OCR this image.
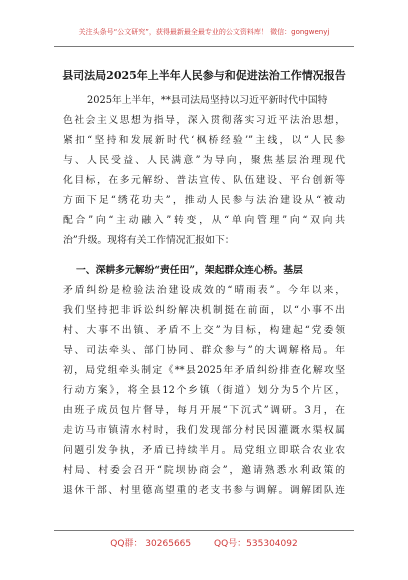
关注头条号“公文研究”，获得最新最全最专业的公文资料库！ 微信：gongwenyj
县司法局2025年上半年人民参与和促进法治工作情况报告
2025年上半年，**县司法局坚持以习近平新时代中国特
色社会主义思想为指导，深入贯彻落实习近平法治思想，
紧扣“坚持和发展新时代‘枫桥经验’”主线，以“人民参
与、人民受益、人民满意”为导向，聚焦基层治理现代
化目标，在多元解纷、普法宣传、队伍建设、平台创新等
方面下足“绣花功夫”，推动人民参与法治建设从“被动
配合”向“主动融入”转变，从“单向管理”向“双向共
治”升级。现将有关工作情况汇报如下：
一、深耕多元解纷“责任田”，架起群众连心桥。基层
矛盾纠纷是检验法治建设成效的“晴雨表”。今年以来，
我们坚持把非诉讼纠纷解决机制挺在前面，以“小事不出
村、大事不出镇、矛盾不上交”为目标，构建起“党委领
导、司法牵头、部门协同、群众参与”的大调解格局。年
初，局党组牵头制定《**县2025年矛盾纠纷排查化解攻坚
行动方案》，将全县12个乡镇（街道）划分为5个片区，
由班子成员包片督导，每月开展“下沉式”调研。3月，在
走访马市镇清水村时，我们发现部分村民因灌溉水渠权属
问题引发争执，矛盾已持续半月。局党组立即联合农业农
村局、村委会召开“院坝协商会”，邀请熟悉水利政策的
退休干部、村里德高望重的老支书参与调解。调解团队连
QQ群： 30265665	QQ号：535304092
